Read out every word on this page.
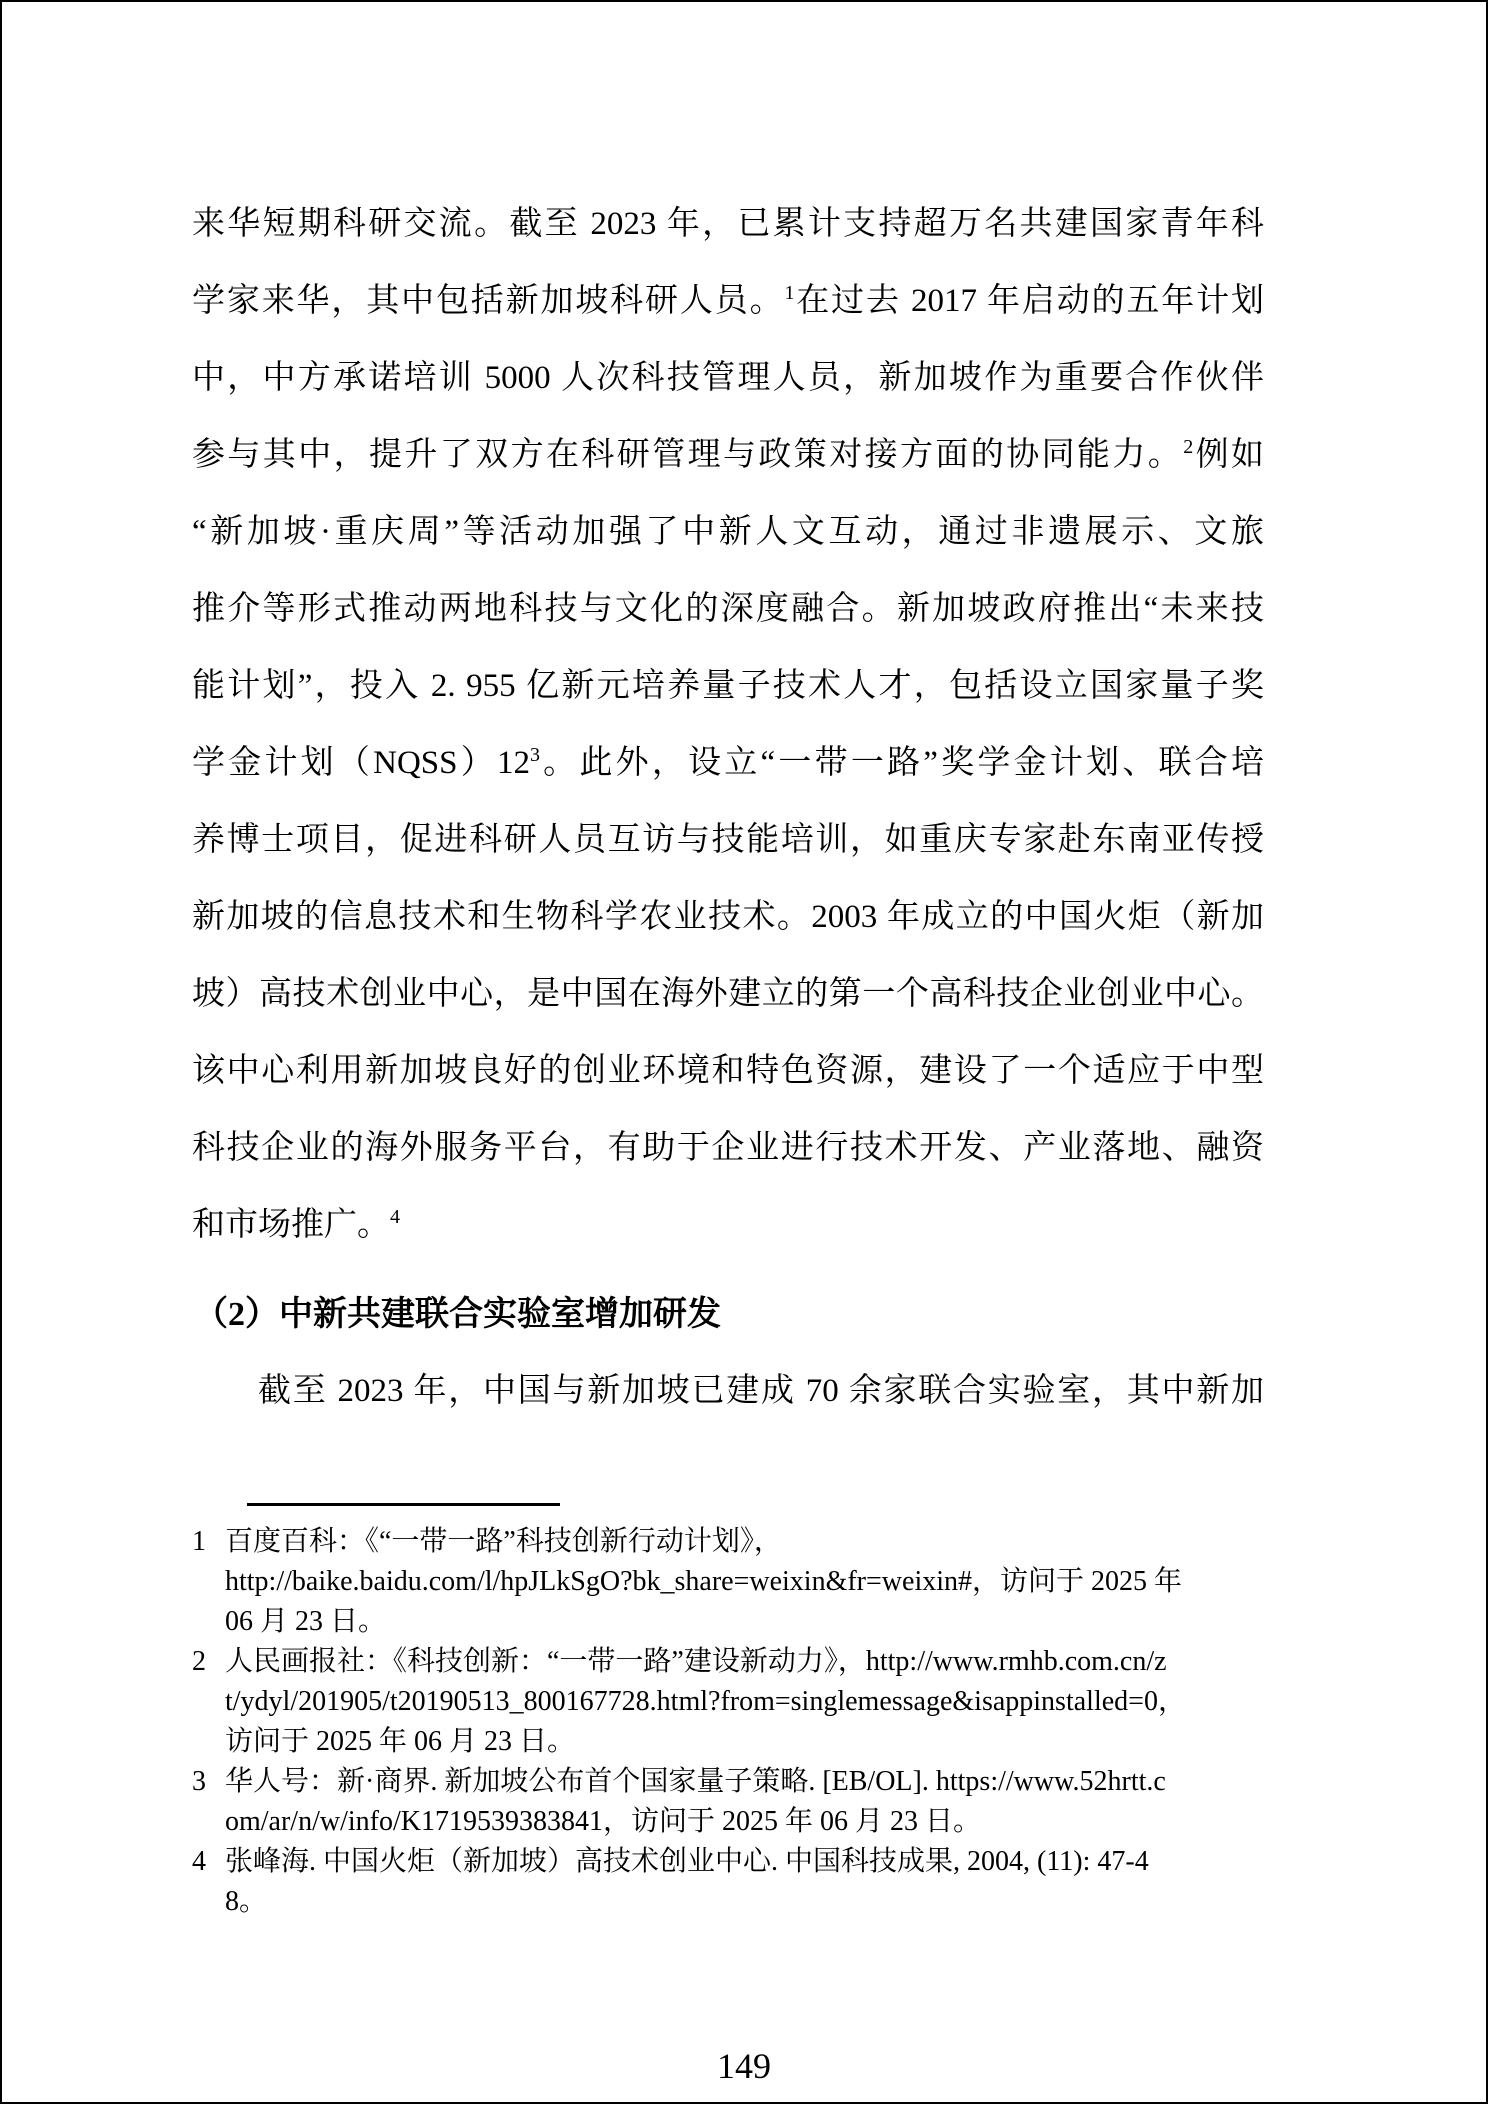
来华短期科研交流。截至 2023 年，已累计支持超万名共建国家青年科
学家来华，其中包括新加坡科研人员。$^1$在过去 2017 年启动的五年计划
中，中方承诺培训 5000 人次科技管理人员，新加坡作为重要合作伙伴
参与其中，提升了双方在科研管理与政策对接方面的协同能力。$^2$例如
“新加坡·重庆周”等活动加强了中新人文互动，通过非遗展示、文旅
推介等形式推动两地科技与文化的深度融合。新加坡政府推出“未来技
能计划”，投入 2. 955 亿新元培养量子技术人才，包括设立国家量子奖
学金计划（NQSS）12$^3$。此外，设立“一带一路”奖学金计划、联合培
养博士项目，促进科研人员互访与技能培训，如重庆专家赴东南亚传授
新加坡的信息技术和生物科学农业技术。2003 年成立的中国火炬（新加
坡）高技术创业中心，是中国在海外建立的第一个高科技企业创业中心。
该中心利用新加坡良好的创业环境和特色资源，建设了一个适应于中型
科技企业的海外服务平台，有助于企业进行技术开发、产业落地、融资
和市场推广。$^4$
（2）中新共建联合实验室增加研发
截至 2023 年，中国与新加坡已建成 70 余家联合实验室，其中新加
1 百度百科：《“一带一路”科技创新行动计划》，
http://baike.baidu.com/l/hpJLkSgO?bk_share=weixin&fr=weixin#，访问于 2025 年
06 月 23 日。
2 人民画报社：《科技创新：“一带一路”建设新动力》，http://www.rmhb.com.cn/z
t/ydyl/201905/t20190513_800167728.html?from=singlemessage&isappinstalled=0，
访问于 2025 年 06 月 23 日。
3 华人号：新·商界. 新加坡公布首个国家量子策略. [EB/OL]. https://www.52hrtt.c
om/ar/n/w/info/K1719539383841，访问于 2025 年 06 月 23 日。
4 张峰海. 中国火炬（新加坡）高技术创业中心. 中国科技成果, 2004, (11): 47-4
8。
149
